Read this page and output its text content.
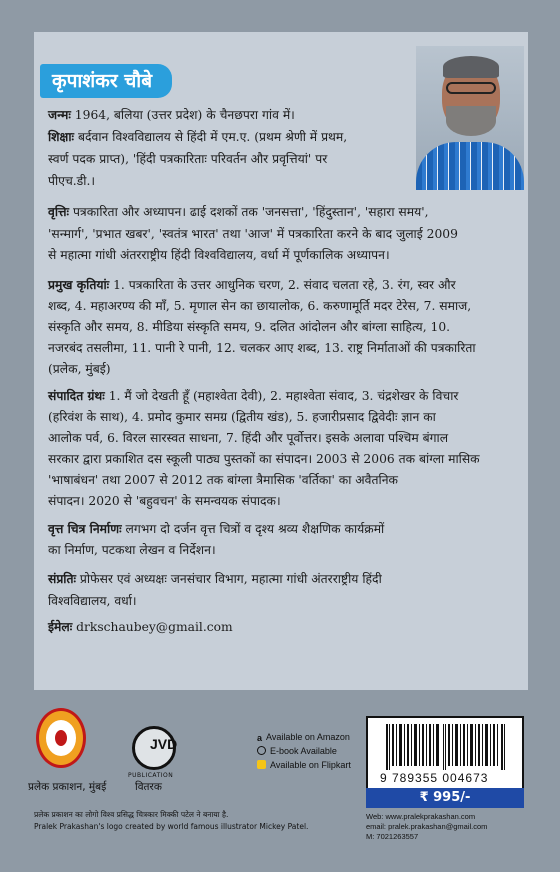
कृपाशंकर चौबे
जन्मः 1964, बलिया (उत्तर प्रदेश) के चैनछपरा गांव में।
शिक्षाः बर्दवान विश्वविद्यालय से हिंदी में एम.ए. (प्रथम श्रेणी में प्रथम,
स्वर्ण पदक प्राप्त), 'हिंदी पत्रकारिताः परिवर्तन और प्रवृत्तियां' पर
पीएच.डी.।
वृत्तिः पत्रकारिता और अध्यापन। ढाई दशकों तक 'जनसत्ता', 'हिंदुस्तान', 'सहारा समय',
'सन्मार्ग', 'प्रभात खबर', 'स्वतंत्र भारत' तथा 'आज' में पत्रकारिता करने के बाद जुलाई 2009
से महात्मा गांधी अंतरराष्ट्रीय हिंदी विश्वविद्यालय, वर्धा में पूर्णकालिक अध्यापन।
प्रमुख कृतियांः 1. पत्रकारिता के उत्तर आधुनिक चरण, 2. संवाद चलता रहे, 3. रंग, स्वर और
शब्द, 4. महाअरण्य की माँ, 5. मृणाल सेन का छायालोक, 6. करुणामूर्ति मदर टेरेस, 7. समाज,
संस्कृति और समय, 8. मीडिया संस्कृति समय, 9. दलित आंदोलन और बांग्ला साहित्य, 10.
नजरबंद तसलीमा, 11. पानी रे पानी, 12. चलकर आए शब्द, 13. राष्ट्र निर्माताओं की पत्रकारिता
(प्रलेक, मुंबई)
संपादित ग्रंथः 1. मैं जो देखती हूँ (महाश्वेता देवी), 2. महाश्वेता संवाद, 3. चंद्रशेखर के विचार
(हरिवंश के साथ), 4. प्रमोद कुमार समग्र (द्वितीय खंड), 5. हजारीप्रसाद द्विवेदीः ज्ञान का
आलोक पर्व, 6. विरल सारस्वत साधना, 7. हिंदी और पूर्वोत्तर। इसके अलावा पश्चिम बंगाल
सरकार द्वारा प्रकाशित दस स्कूली पाठ्य पुस्तकों का संपादन। 2003 से 2006 तक बांग्ला मासिक
'भाषाबंधन' तथा 2007 से 2012 तक बांग्ला त्रैमासिक 'वर्तिका' का अवैतनिक
संपादन। 2020 से 'बहुवचन' के समन्वयक संपादक।
वृत्त चित्र निर्माणः लगभग दो दर्जन वृत्त चित्रों व दृश्य श्रव्य शैक्षणिक कार्यक्रमों
का निर्माण, पटकथा लेखन व निर्देशन।
संप्रतिः प्रोफेसर एवं अध्यक्षः जनसंचार विभाग, महात्मा गांधी अंतरराष्ट्रीय हिंदी
विश्वविद्यालय, वर्धा।
ईमेलः drkschaubey@gmail.com
प्रलेक प्रकाशन, मुंबई
JVD
PUBLICATION
वितरक
a Available on Amazon
E-book Available
Available on Flipkart
9 789355 004673
₹ 995/-
Web: www.pralekprakashan.com
email: pralek.prakashan@gmail.com
M: 7021263557
प्रलेक प्रकाशन का लोगो विश्व प्रसिद्ध चित्रकार मिक्की पटेल ने बनाया है.
Pralek Prakashan's logo created by world famous illustrator Mickey Patel.
